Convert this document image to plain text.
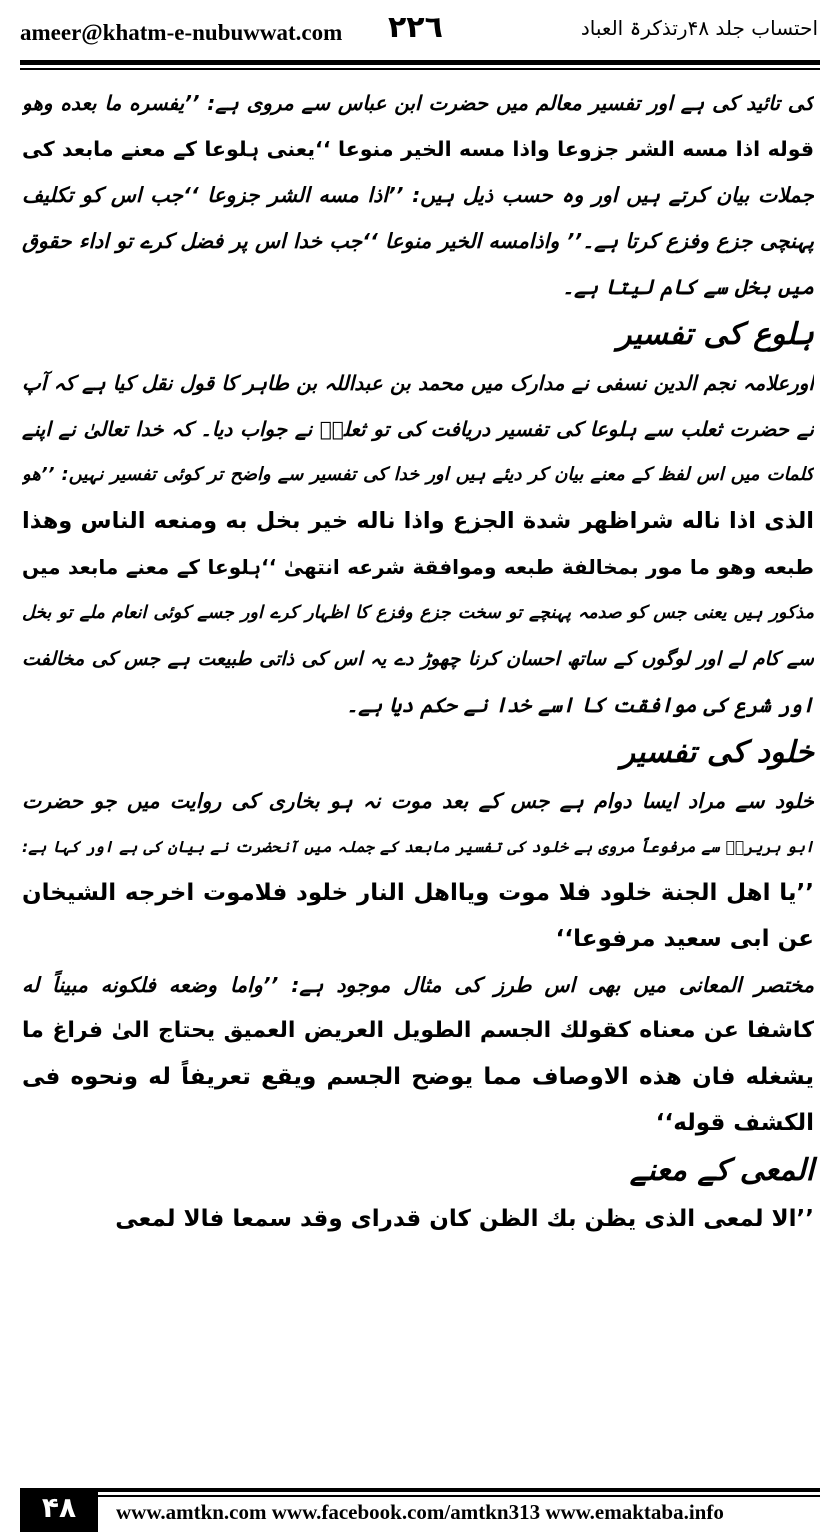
ameer@khatm-e-nubuwwat.com ۲۲٦	احتساب جلد ۴۸رتذکرۃ العباد
کی تائید کی ہے اور تفسیر معالم میں حضرت ابن عباس سے مروی ہے: ’’یفسره ما بعده وهو
قوله اذا مسه الشر جزوعا واذا مسه الخير منوعا ‘‘یعنی ہلوعا کے معنے مابعد کی
جملات بیان کرتے ہیں اور وہ حسب ذیل ہیں: ’’اذا مسه الشر جزوعا ‘‘جب اس کو تکلیف
پہنچی جزع وفزع کرتا ہے۔’’ واذامسه الخير منوعا ‘‘جب خدا اس پر فضل کرے تو اداء حقوق
میں بخل سے کام لیتا ہے۔
ہلوع کی تفسیر
اورعلامہ نجم الدین نسفی نے مدارک میں محمد بن عبداللہ بن طاہر کا قول نقل کیا ہے کہ آپ
نے حضرت ثعلب سے ہلوعا کی تفسیر دریافت کی تو ثعلبؒ نے جواب دیا۔ کہ خدا تعالیٰ نے اپنے
کلمات میں اس لفظ کے معنے بیان کر دیئے ہیں اور خدا کی تفسیر سے واضح تر کوئی تفسیر نہیں: ’’هو
الذى اذا ناله شراظهر شدة الجزع واذا ناله خير بخل به ومنعه الناس وهذا
طبعه وهو ما مور بمخالفة طبعه وموافقة شرعه انتهىٰ ‘‘ہلوعا کے معنے مابعد میں
مذکور ہیں یعنی جس کو صدمہ پہنچے تو سخت جزع وفزع کا اظہار کرے اور جسے کوئی انعام ملے تو بخل
سے کام لے اور لوگوں کے ساتھ احسان کرنا چھوڑ دے یہ اس کی ذاتی طبیعت ہے جس کی مخالفت
اور شرع کی موافقت کا اسے خدا نے حکم دیا ہے۔
خلود کی تفسیر
خلود سے مراد ایسا دوام ہے جس کے بعد موت نہ ہو بخاری کی روایت میں جو حضرت
ابو ہریرہؓ سے مرفوعاً مروی ہے خلود کی تفسیر مابعد کے جملہ میں آنحضرت نے بیان کی ہے اور کہا ہے:
’’یا اهل الجنة خلود فلا موت ویااهل النار خلود فلاموت اخرجه الشیخان
عن ابى سعيد مرفوعا‘‘
مختصر المعانی میں بھی اس طرز کی مثال موجود ہے: ’’واما وضعه فلكونه مبيناً له
كاشفا عن معناه كقولك الجسم الطويل العريض العميق يحتاج الىٰ فراغ ما
يشغله فان هذه الاوصاف مما يوضح الجسم ويقع تعريفاً له ونحوه فى
الكشف قوله‘‘
المعی کے معنے
’’الا لمعى الذى يظن بك الظن كان قدراى وقد سمعا فالا لمعى
۴۸	www.amtkn.com www.facebook.com/amtkn313 www.emaktaba.info
